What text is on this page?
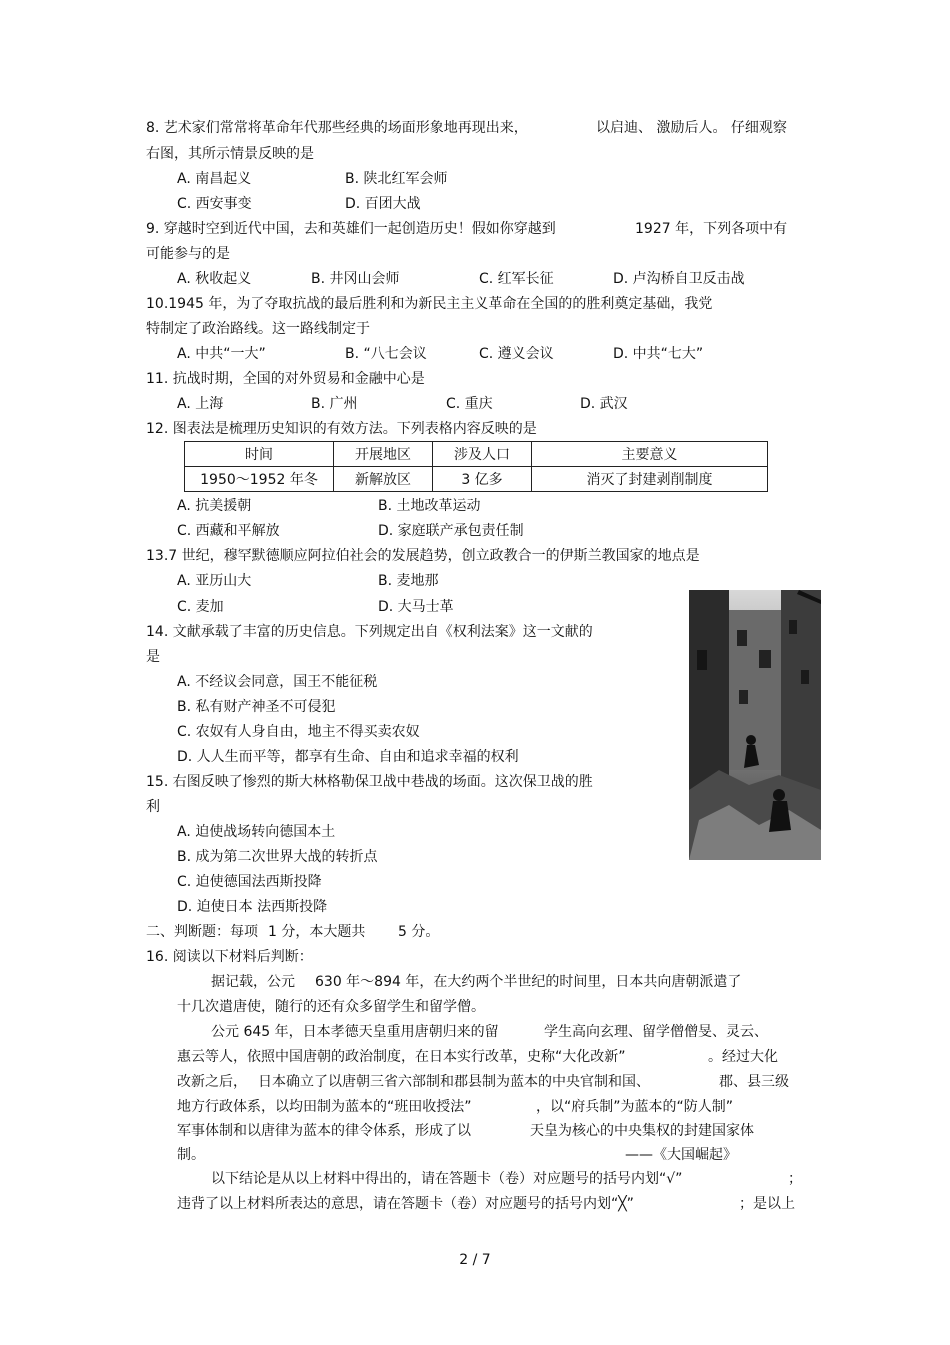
8. 艺术家们常常将革命年代那些经典的场面形象地再现出来，	以启迪、 激励后人。 仔细观察
右图，其所示情景反映的是
A. 南昌起义	B. 陕北红军会师
C. 西安事变	D. 百团大战
9. 穿越时空到近代中国，去和英雄们一起创造历史！假如你穿越到	1927 年，下列各项中有
可能参与的是
A. 秋收起义	B. 井冈山会师	C. 红军长征	D. 卢沟桥自卫反击战
10.1945 年，为了夺取抗战的最后胜利和为新民主主义革命在全国的的胜利奠定基础，我党
特制定了政治路线。这一路线制定于
A. 中共“一大”	B. “八七会议	C. 遵义会议	D. 中共“七大”
11. 抗战时期，全国的对外贸易和金融中心是
A. 上海	B. 广州	C. 重庆	D. 武汉
12. 图表法是梳理历史知识的有效方法。下列表格内容反映的是
时间	开展地区	涉及人口	主要意义
1950～1952 年冬	新解放区	3 亿多	消灭了封建剥削制度
A. 抗美援朝	B. 土地改革运动
C. 西藏和平解放	D. 家庭联产承包责任制
13.7 世纪，穆罕默德顺应阿拉伯社会的发展趋势，创立政教合一的伊斯兰教国家的地点是
A. 亚历山大	B. 麦地那
C. 麦加	D. 大马士革
14. 文献承载了丰富的历史信息。下列规定出自《权利法案》这一文献的
是
A. 不经议会同意，国王不能征税
B. 私有财产神圣不可侵犯
C. 农奴有人身自由，地主不得买卖农奴
D. 人人生而平等，都享有生命、自由和追求幸福的权利
15. 右图反映了惨烈的斯大林格勒保卫战中巷战的场面。这次保卫战的胜
利
A. 迫使战场转向德国本土
B. 成为第二次世界大战的转折点
C. 迫使德国法西斯投降
D. 迫使日本 法西斯投降
二、判断题：每项 1 分，本大题共 5 分。
16. 阅读以下材料后判断：
据记载，公元 630 年～894 年，在大约两个半世纪的时间里，日本共向唐朝派遣了
十几次遣唐使，随行的还有众多留学生和留学僧。
公元 645 年，日本孝德天皇重用唐朝归来的留	学生高向玄理、留学僧僧旻、灵云、
惠云等人，依照中国唐朝的政治制度，在日本实行改革，史称“大化改新”	。经过大化
改新之后， 日本确立了以唐朝三省六部制和郡县制为蓝本的中央官制和国、	郡、县三级
地方行政体系，以均田制为蓝本的“班田收授法”	，以“府兵制”为蓝本的“防人制”
军事体制和以唐律为蓝本的律令体系，形成了以	天皇为核心的中央集权的封建国家体
制。	——《大国崛起》
以下结论是从以上材料中得出的，请在答题卡（卷）对应题号的括号内划“√”	；
违背了以上材料所表达的意思，请在答题卡（卷）对应题号的括号内划“╳”	；是以上
2 / 7
